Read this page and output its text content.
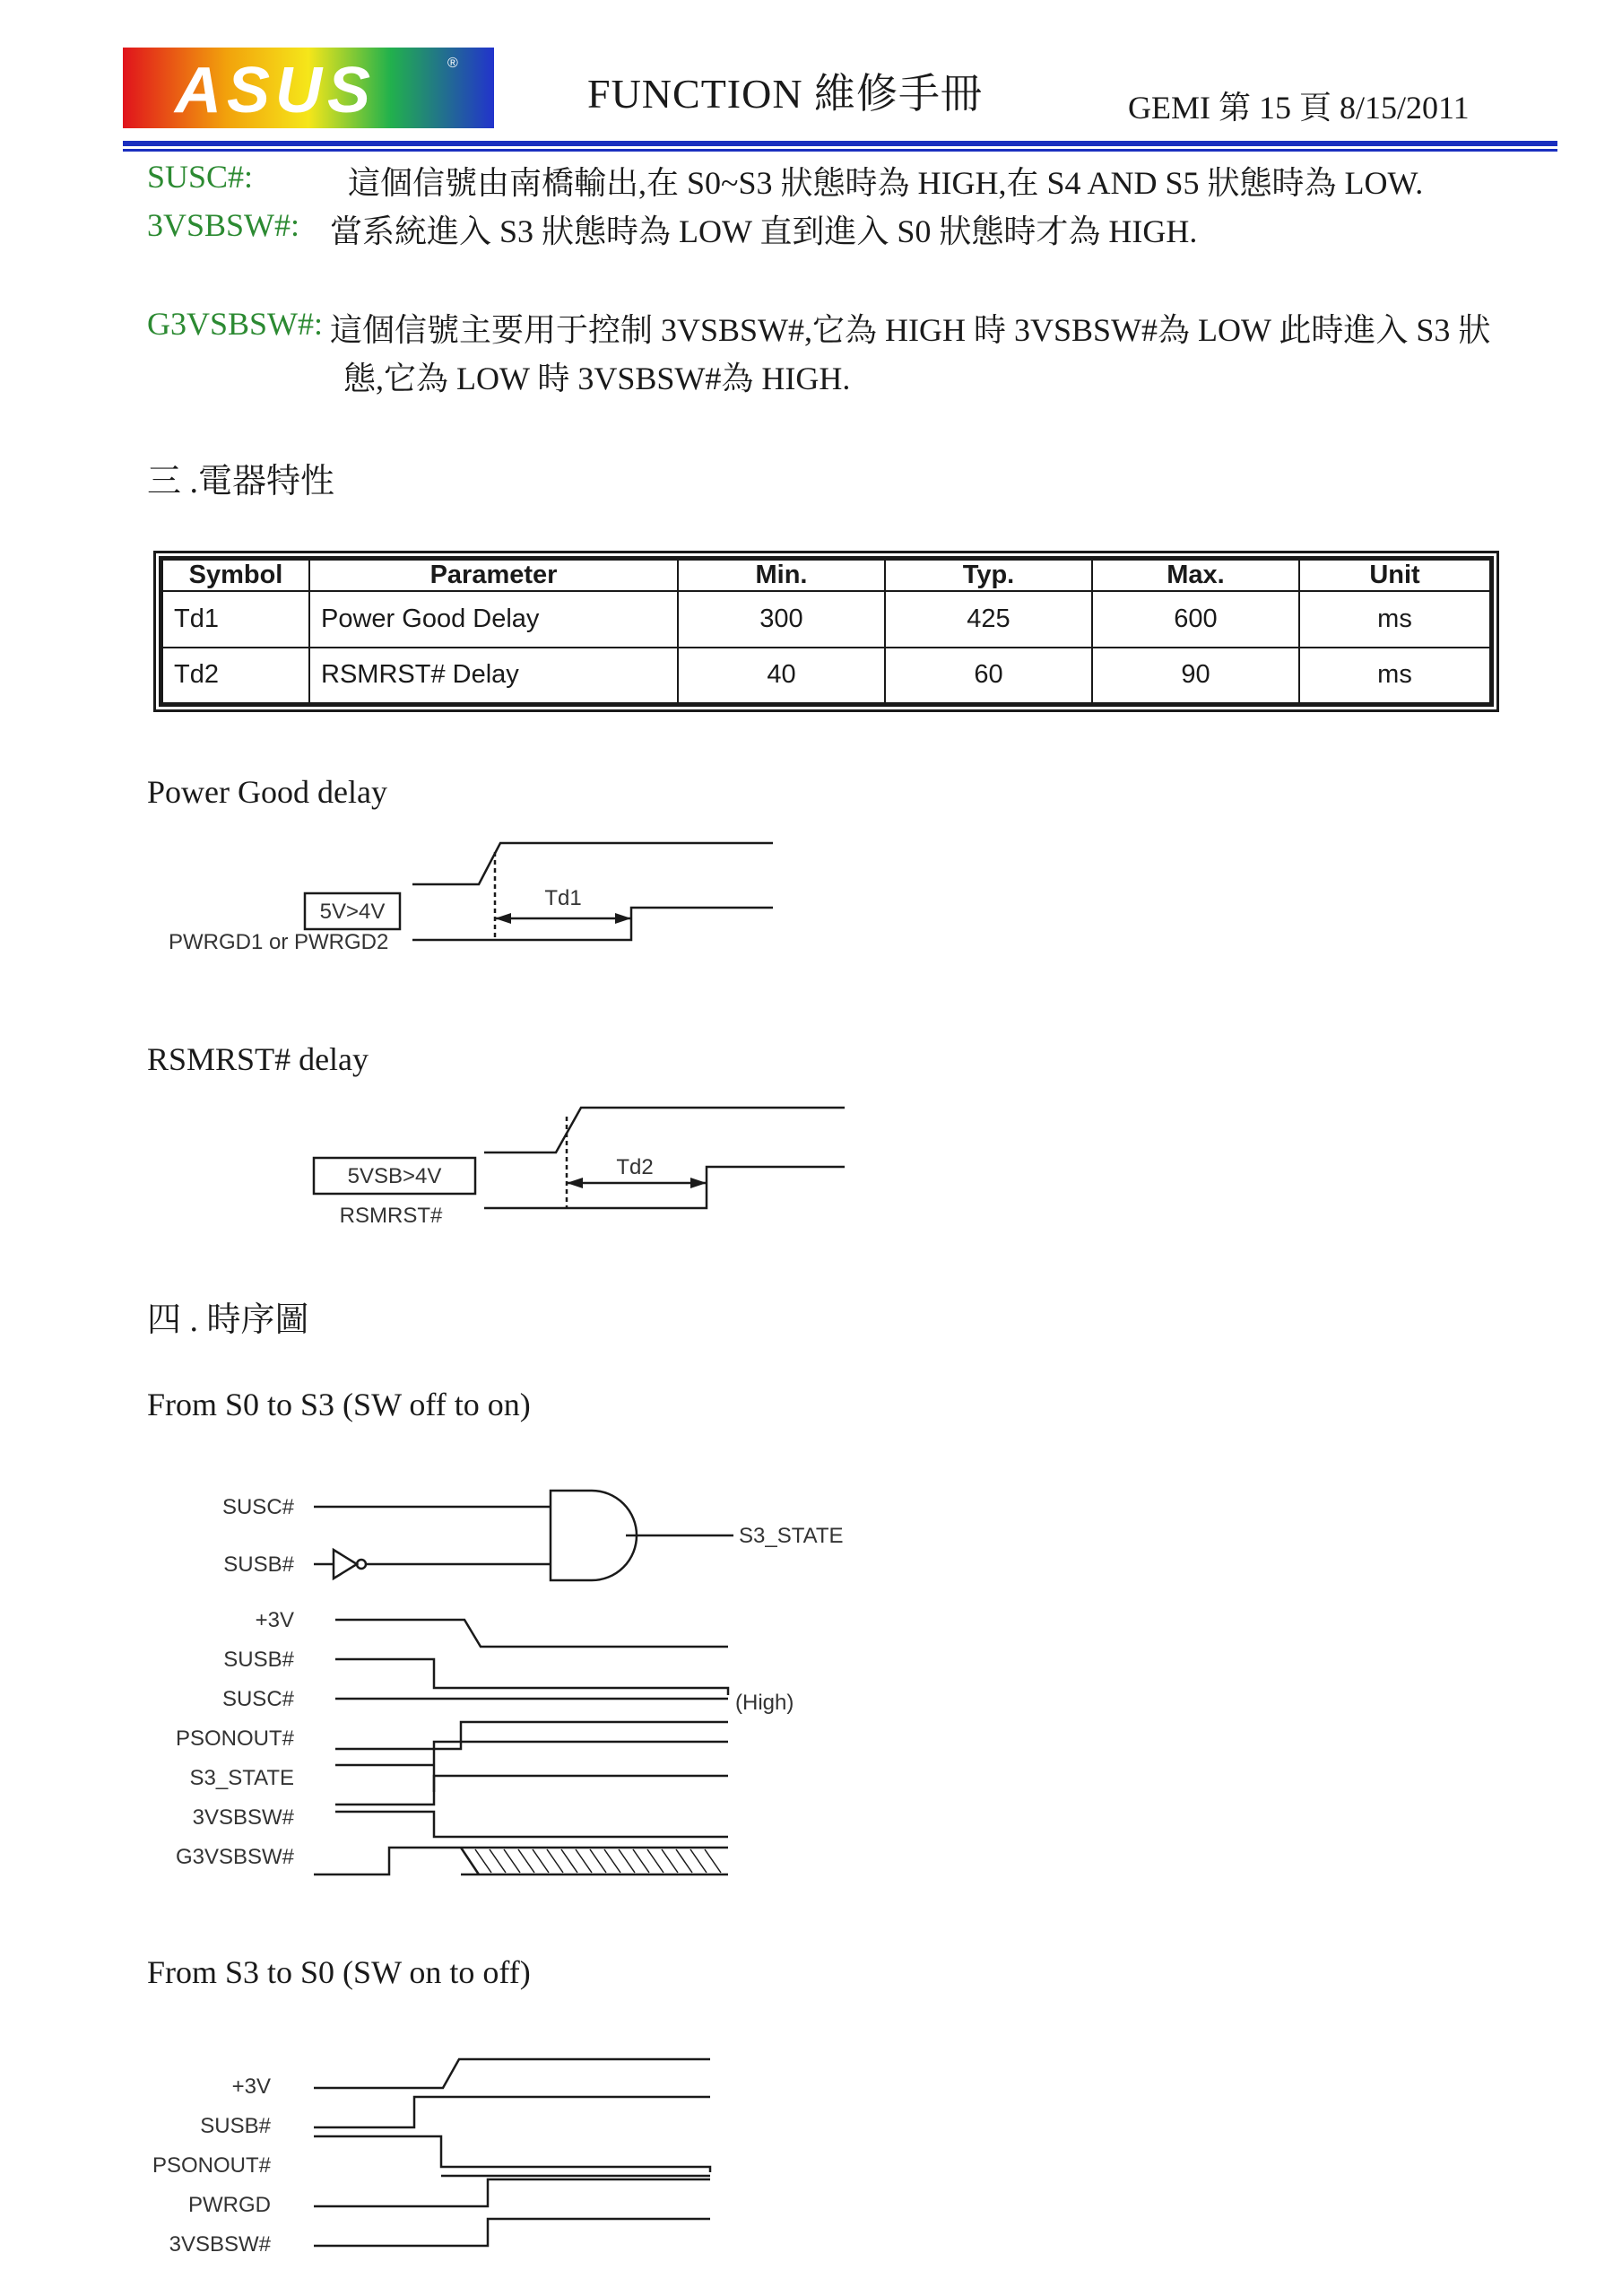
ASUS	®
FUNCTION 維修手冊	GEMI 第 15 頁 8/15/2011
SUSC#:	這個信號由南橋輸出,在 S0~S3 狀態時為 HIGH,在 S4 AND S5 狀態時為 LOW.
3VSBSW#: 當系統進入 S3 狀態時為 LOW 直到進入 S0 狀態時才為 HIGH.
G3VSBSW#: 這個信號主要用于控制 3VSBSW#,它為 HIGH 時 3VSBSW#為 LOW 此時進入 S3 狀
態,它為 LOW 時 3VSBSW#為 HIGH.
三 .電器特性
Symbol	Parameter	Min.	Typ.	Max.	Unit
Td1	Power Good Delay	300	425	600	ms
Td2	RSMRST# Delay	40	60	90	ms
Power Good delay
5V>4V
PWRGD1 or PWRGD2
Td1
RSMRST# delay
5VSB>4V
RSMRST#
Td2
四 . 時序圖
From S0 to S3 (SW off to on)
SUSC#
SUSB#
S3_STATE
+3V
SUSB#
SUSC#
PSONOUT#
S3_STATE
3VSBSW#
G3VSBSW#
(High)
From S3 to S0 (SW on to off)
+3V
SUSB#
PSONOUT#
PWRGD
3VSBSW#
